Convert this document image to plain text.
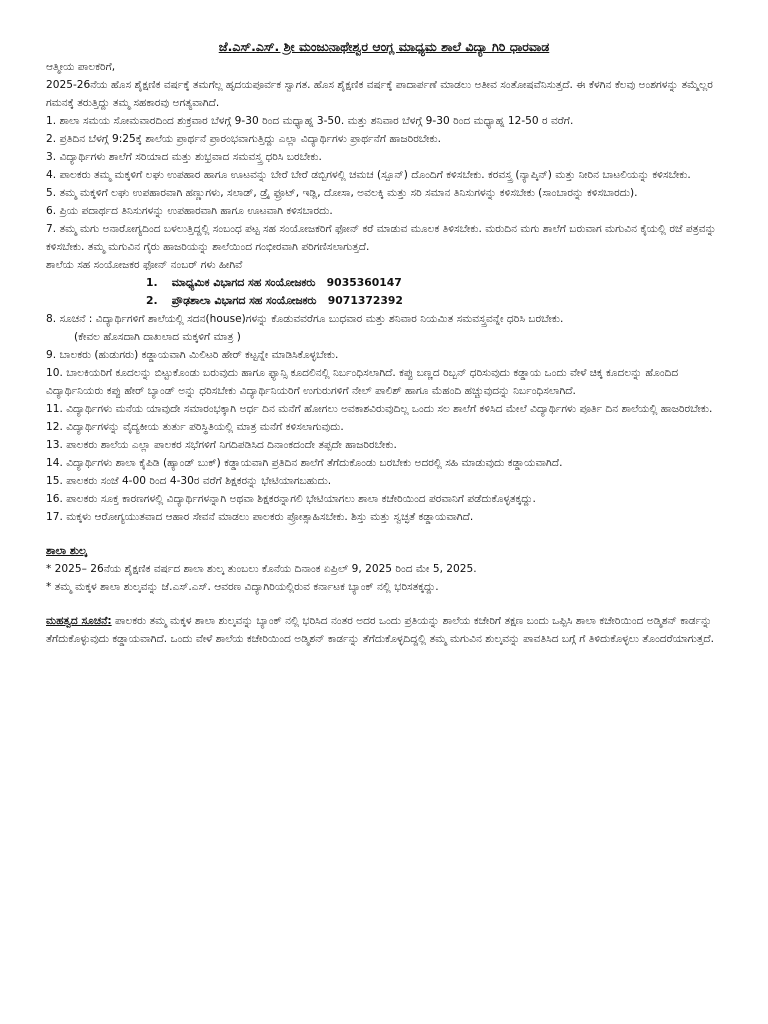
ಜೆ.ಎಸ್.ಎಸ್. ಶ್ರೀ ಮಂಜುನಾಥೇಶ್ವರ ಆಂಗ್ಲ ಮಾಧ್ಯಮ ಶಾಲೆ ವಿದ್ಯಾ ಗಿರಿ ಧಾರವಾಡ

ಆತ್ಮೀಯ ಪಾಲಕರಿಗೆ,

2025-26ನೆಯ ಹೊಸ ಶೈಕ್ಷಣಿಕ ವರ್ಷಕ್ಕೆ ತಮಗೆಲ್ಲ ಹೃದಯಪೂರ್ವಕ ಸ್ವಾಗತ. ಹೊಸ ಶೈಕ್ಷಣಿಕ ವರ್ಷಕ್ಕೆ ಪಾದಾರ್ಪಣೆ ಮಾಡಲು ಅತೀವ ಸಂತೋಷವೆನಿಸುತ್ತದೆ. ಈ ಕೆಳಗಿನ ಕೆಲವು ಅಂಶಗಳನ್ನು ತಮ್ಮೆಲ್ಲರ ಗಮನಕ್ಕೆ ತರುತ್ತಿದ್ದು ತಮ್ಮ ಸಹಕಾರವು ಅಗತ್ಯವಾಗಿದೆ.

1. ಶಾಲಾ ಸಮಯ ಸೋಮವಾರದಿಂದ ಶುಕ್ರವಾರ ಬೆಳಗ್ಗೆ 9-30 ರಿಂದ ಮಧ್ಯಾಹ್ನ 3-50. ಮತ್ತು ಶನಿವಾರ ಬೆಳಗ್ಗೆ 9-30 ರಿಂದ ಮಧ್ಯಾಹ್ನ 12-50 ರ ವರೆಗೆ.

2. ಪ್ರತಿದಿನ ಬೆಳಗ್ಗೆ 9:25ಕ್ಕೆ ಶಾಲೆಯ ಪ್ರಾರ್ಥನೆ ಪ್ರಾರಂಭವಾಗುತ್ತಿದ್ದು ಎಲ್ಲಾ ವಿದ್ಯಾರ್ಥಿಗಳು ಪ್ರಾರ್ಥನೆಗೆ ಹಾಜರಿರಬೇಕು.

3. ವಿದ್ಯಾರ್ಥಿಗಳು ಶಾಲೆಗೆ ಸರಿಯಾದ ಮತ್ತು ಶುಭ್ರವಾದ ಸಮವಸ್ತ್ರ ಧರಿಸಿ ಬರಬೇಕು.

4. ಪಾಲಕರು ತಮ್ಮ ಮಕ್ಕಳಿಗೆ ಲಘು ಉಪಹಾರ ಹಾಗೂ ಊಟವನ್ನು ಬೇರೆ ಬೇರೆ ಡಬ್ಬಿಗಳಲ್ಲಿ ಚಮಚ (ಸ್ಪೂನ್) ದೊಂದಿಗೆ ಕಳಿಸಬೇಕು. ಕರವಸ್ತ್ರ (ನ್ಯಾಪ್ಕಿನ್) ಮತ್ತು ನೀರಿನ ಬಾಟಲಿಯನ್ನು ಕಳಿಸಬೇಕು.

5. ತಮ್ಮ ಮಕ್ಕಳಿಗೆ ಲಘು ಉಪಹಾರವಾಗಿ ಹಣ್ಣುಗಳು, ಸಲಾಡ್, ಡ್ರೈ ಫ್ರೂಟ್, ಇಡ್ಲಿ, ದೋಸಾ, ಅವಲಕ್ಕಿ ಮತ್ತು ಸರಿ ಸಮಾನ ತಿನಿಸುಗಳನ್ನು ಕಳಿಸಬೇಕು (ಸಾಂಬಾರನ್ನು ಕಳಿಸಬಾರದು).

6. ಪ್ರಿಯ ಪದಾರ್ಥದ ತಿನಿಸುಗಳನ್ನು ಉಪಹಾರವಾಗಿ ಹಾಗೂ ಊಟವಾಗಿ ಕಳಿಸಬಾರದು.

7. ತಮ್ಮ ಮಗು ಅನಾರೋಗ್ಯದಿಂದ ಬಳಲುತ್ತಿದ್ದಲ್ಲಿ ಸಂಬಂಧ ಪಟ್ಟ ಸಹ ಸಂಯೋಜಕರಿಗೆ ಫೋನ್ ಕರೆ ಮಾಡುವ ಮೂಲಕ ತಿಳಿಸಬೇಕು. ಮರುದಿನ ಮಗು ಶಾಲೆಗೆ ಬರುವಾಗ ಮಗುವಿನ ಕೈಯಲ್ಲಿ ರಜೆ ಪತ್ರವನ್ನು ಕಳಿಸಬೇಕು. ತಮ್ಮ ಮಗುವಿನ ಗೈರು ಹಾಜರಿಯನ್ನು ಶಾಲೆಯಿಂದ ಗಂಭೀರವಾಗಿ ಪರಿಗಣಿಸಲಾಗುತ್ತದೆ.

ಶಾಲೆಯ ಸಹ ಸಂಯೋಜಕರ ಫೋನ್ ನಂಬರ್ ಗಳು ಹೀಗಿವೆ

1. ಮಾಧ್ಯಮಿಕ ವಿಭಾಗದ ಸಹ ಸಂಯೋಜಕರು 9035360147
2. ಪ್ರೌಢಶಾಲಾ ವಿಭಾಗದ ಸಹ ಸಂಯೋಜಕರು 9071372392

8. ಸೂಚನೆ : ವಿದ್ಯಾರ್ಥಿಗಳಿಗೆ ಶಾಲೆಯಲ್ಲಿ ಸದನ(house)ಗಳನ್ನು ಕೊಡುವವರೆಗೂ ಬುಧವಾರ ಮತ್ತು ಶನಿವಾರ ನಿಯಮಿತ ಸಮವಸ್ತ್ರವನ್ನೇ ಧರಿಸಿ ಬರಬೇಕು.

(ಕೇವಲ ಹೊಸದಾಗಿ ದಾಖಲಾದ ಮಕ್ಕಳಿಗೆ ಮಾತ್ರ )

9. ಬಾಲಕರು (ಹುಡುಗರು) ಕಡ್ಡಾಯವಾಗಿ ಮಿಲಿಟರಿ ಹೇರ್ ಕಟ್ಟನ್ನೇ ಮಾಡಿಸಿಕೊಳ್ಳಬೇಕು.

10. ಬಾಲಕಿಯರಿಗೆ ಕೂದಲನ್ನು ಬಿಟ್ಟುಕೊಂಡು ಬರುವುದು ಹಾಗೂ ಫ್ಯಾನ್ಸಿ ಕೂದಲಿನಲ್ಲಿ ನಿರ್ಬಂಧಿಸಲಾಗಿದೆ. ಕಪ್ಪು ಬಣ್ಣದ ರಿಬ್ಬನ್ ಧರಿಸುವುದು ಕಡ್ಡಾಯ ಒಂದು ವೇಳೆ ಚಿಕ್ಕ ಕೂದಲನ್ನು ಹೊಂದಿದ ವಿದ್ಯಾರ್ಥಿನಿಯರು ಕಪ್ಪು ಹೇರ್ ಬ್ಯಾಂಡ್ ಅನ್ನು ಧರಿಸಬೇಕು ವಿದ್ಯಾರ್ಥಿನಿಯರಿಗೆ ಉಗುರುಗಳಿಗೆ ನೇಲ್ ಪಾಲಿಶ್ ಹಾಗೂ ಮೆಹಂದಿ ಹಚ್ಚುವುದನ್ನು ನಿರ್ಬಂಧಿಸಲಾಗಿದೆ.

11. ವಿದ್ಯಾರ್ಥಿಗಳು ಮನೆಯ ಯಾವುದೇ ಸಮಾರಂಭಕ್ಕಾಗಿ ಅರ್ಧ ದಿನ ಮನೆಗೆ ಹೋಗಲು ಅವಕಾಶವಿರುವುದಿಲ್ಲ ಒಂದು ಸಲ ಶಾಲೆಗೆ ಕಳಿಸಿದ ಮೇಲೆ ವಿದ್ಯಾರ್ಥಿಗಳು ಪೂರ್ತಿ ದಿನ ಶಾಲೆಯಲ್ಲಿ ಹಾಜರಿರಬೇಕು.

12. ವಿದ್ಯಾರ್ಥಿಗಳನ್ನು ವೈದ್ಯಕೀಯ ತುರ್ತು ಪರಿಸ್ಥಿತಿಯಲ್ಲಿ ಮಾತ್ರ ಮನೆಗೆ ಕಳಿಸಲಾಗುವುದು.

13. ಪಾಲಕರು ಶಾಲೆಯ ಎಲ್ಲಾ ಪಾಲಕರ ಸಭೆಗಳಿಗೆ ನಿಗದಿಪಡಿಸಿದ ದಿನಾಂಕದಂದೇ ತಪ್ಪದೇ ಹಾಜರಿರಬೇಕು.

14. ವಿದ್ಯಾರ್ಥಿಗಳು ಶಾಲಾ ಕೈಪಿಡಿ (ಹ್ಯಾಂಡ್ ಬುಕ್) ಕಡ್ಡಾಯವಾಗಿ ಪ್ರತಿದಿನ ಶಾಲೆಗೆ ತೆಗೆದುಕೊಂಡು ಬರಬೇಕು ಅದರಲ್ಲಿ ಸಹಿ ಮಾಡುವುದು ಕಡ್ಡಾಯವಾಗಿದೆ.

15. ಪಾಲಕರು ಸಂಜೆ 4-00 ರಿಂದ 4-30ರ ವರೆಗೆ ಶಿಕ್ಷಕರನ್ನು ಭೇಟಿಯಾಗಬಹುದು.

16. ಪಾಲಕರು ಸೂಕ್ತ ಕಾರಣಗಳಲ್ಲಿ ವಿದ್ಯಾರ್ಥಿಗಳನ್ನಾಗಿ ಅಥವಾ ಶಿಕ್ಷಕರನ್ನಾಗಲಿ ಭೇಟಿಯಾಗಲು ಶಾಲಾ ಕಚೇರಿಯಿಂದ ಪರವಾನಿಗೆ ಪಡೆದುಕೊಳ್ಳತಕ್ಕದ್ದು.

17. ಮಕ್ಕಳು ಆರೋಗ್ಯಯುತವಾದ ಆಹಾರ ಸೇವನೆ ಮಾಡಲು ಪಾಲಕರು ಪ್ರೋತ್ಸಾಹಿಸಬೇಕು. ಶಿಸ್ತು ಮತ್ತು ಸ್ವಚ್ಛತೆ ಕಡ್ಡಾಯವಾಗಿದೆ.

ಶಾಲಾ ಶುಲ್ಕ

* 2025– 26ನೆಯ ಶೈಕ್ಷಣಿಕ ವರ್ಷದ ಶಾಲಾ ಶುಲ್ಕ ತುಂಬಲು ಕೊನೆಯ ದಿನಾಂಕ ಏಪ್ರಿಲ್ 9, 2025 ರಿಂದ ಮೇ 5, 2025.

* ತಮ್ಮ ಮಕ್ಕಳ ಶಾಲಾ ಶುಲ್ಕವನ್ನು ಜೆ.ಎಸ್.ಎಸ್. ಆವರಣ ವಿದ್ಯಾಗಿರಿಯಲ್ಲಿರುವ ಕರ್ನಾಟಕ ಬ್ಯಾಂಕ್ ನಲ್ಲಿ ಭರಿಸತಕ್ಕದ್ದು.

ಮಹತ್ವದ ಸೂಚನೆ: ಪಾಲಕರು ತಮ್ಮ ಮಕ್ಕಳ ಶಾಲಾ ಶುಲ್ಕವನ್ನು ಬ್ಯಾಂಕ್ ನಲ್ಲಿ ಭರಿಸಿದ ನಂತರ ಅದರ ಒಂದು ಪ್ರತಿಯನ್ನು ಶಾಲೆಯ ಕಚೇರಿಗೆ ತಕ್ಷಣ ಬಂದು ಒಪ್ಪಿಸಿ ಶಾಲಾ ಕಚೇರಿಯಿಂದ ಅಡ್ಮಿಶನ್ ಕಾರ್ಡನ್ನು ತೆಗೆದುಕೊಳ್ಳುವುದು ಕಡ್ಡಾಯವಾಗಿದೆ. ಒಂದು ವೇಳೆ ಶಾಲೆಯ ಕಚೇರಿಯಿಂದ ಅಡ್ಮಿಶನ್ ಕಾರ್ಡನ್ನು ತೆಗೆದುಕೊಳ್ಳದಿದ್ದಲ್ಲಿ ತಮ್ಮ ಮಗುವಿನ ಶುಲ್ಕವನ್ನು ಪಾವತಿಸಿದ ಬಗ್ಗೆ ಗೆ ತಿಳಿದುಕೊಳ್ಳಲು ತೊಂದರೆಯಾಗುತ್ತದೆ.
